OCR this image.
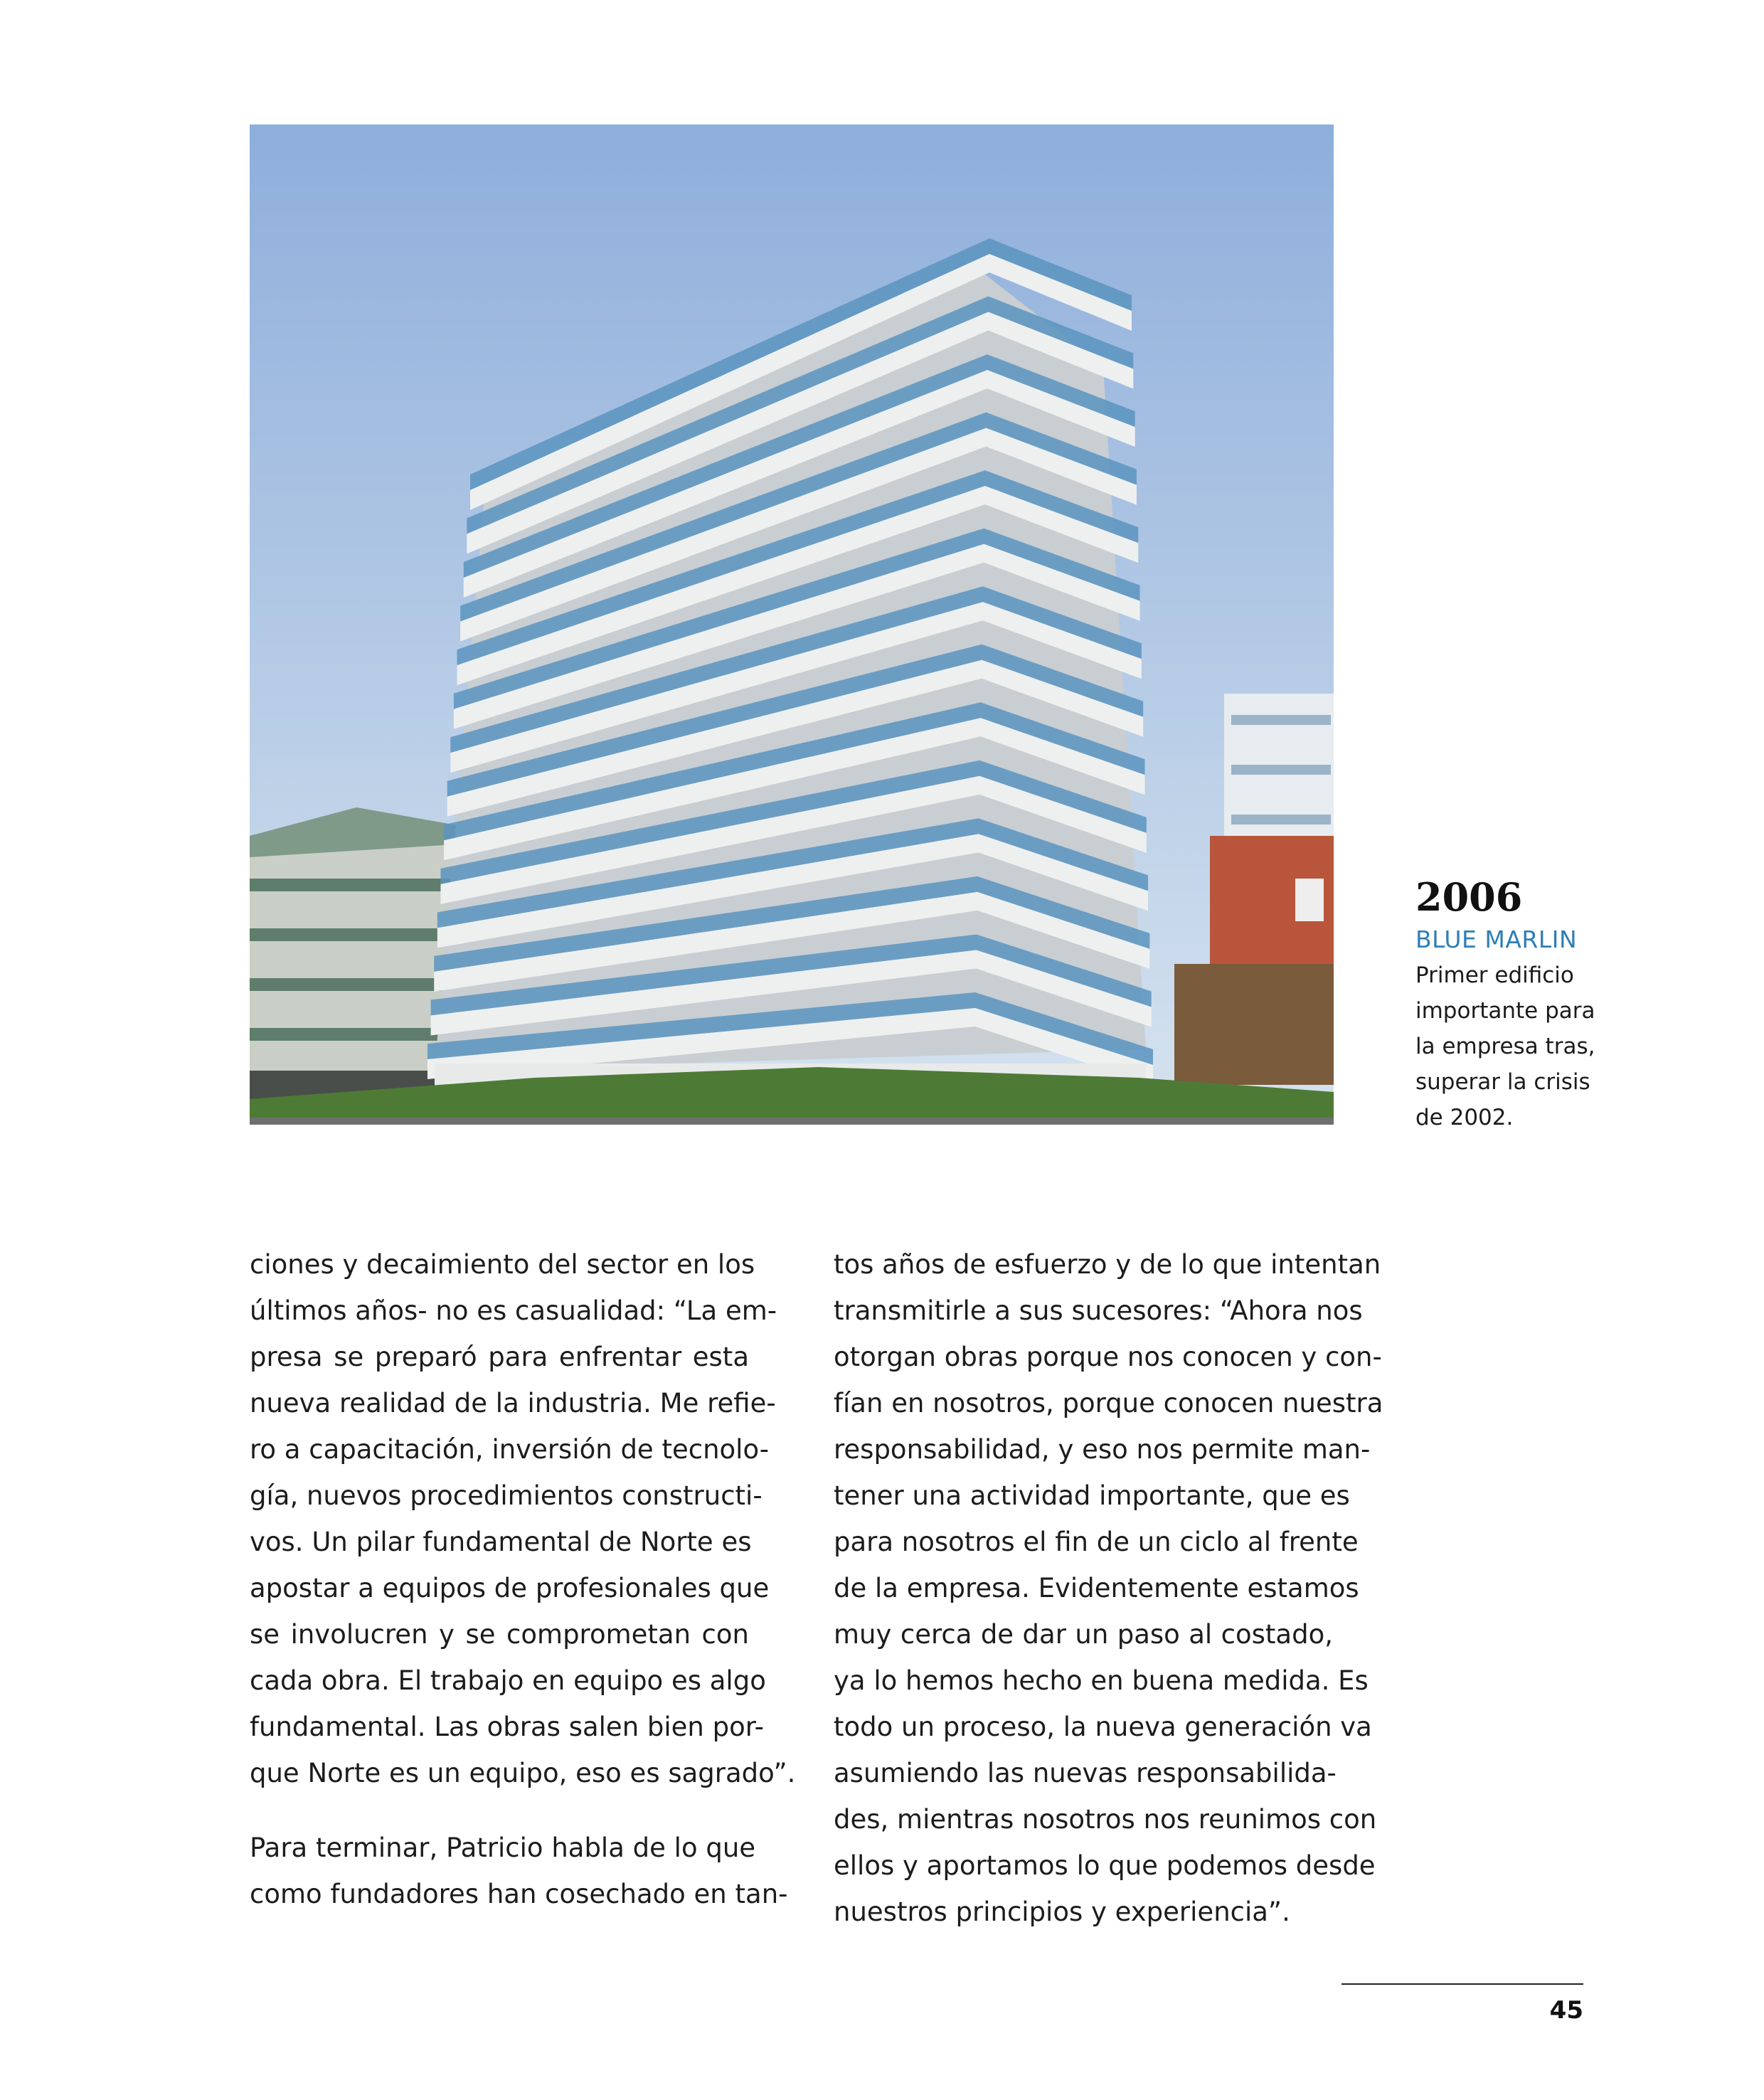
2006
BLUE MARLIN
Primer edificio
importante para
la empresa tras,
superar la crisis
de 2002.
ciones y decaimiento del sector en los
últimos años- no es casualidad: “La em-
presa se preparó para enfrentar esta
nueva realidad de la industria. Me refie-
ro a capacitación, inversión de tecnolo-
gía, nuevos procedimientos constructi-
vos. Un pilar fundamental de Norte es
apostar a equipos de profesionales que
se involucren y se comprometan con
cada obra. El trabajo en equipo es algo
fundamental. Las obras salen bien por-
que Norte es un equipo, eso es sagrado”.
Para terminar, Patricio habla de lo que
como fundadores han cosechado en tan-
tos años de esfuerzo y de lo que intentan
transmitirle a sus sucesores: “Ahora nos
otorgan obras porque nos conocen y con-
fían en nosotros, porque conocen nuestra
responsabilidad, y eso nos permite man-
tener una actividad importante, que es
para nosotros el fin de un ciclo al frente
de la empresa. Evidentemente estamos
muy cerca de dar un paso al costado,
ya lo hemos hecho en buena medida. Es
todo un proceso, la nueva generación va
asumiendo las nuevas responsabilida-
des, mientras nosotros nos reunimos con
ellos y aportamos lo que podemos desde
nuestros principios y experiencia”.
45
